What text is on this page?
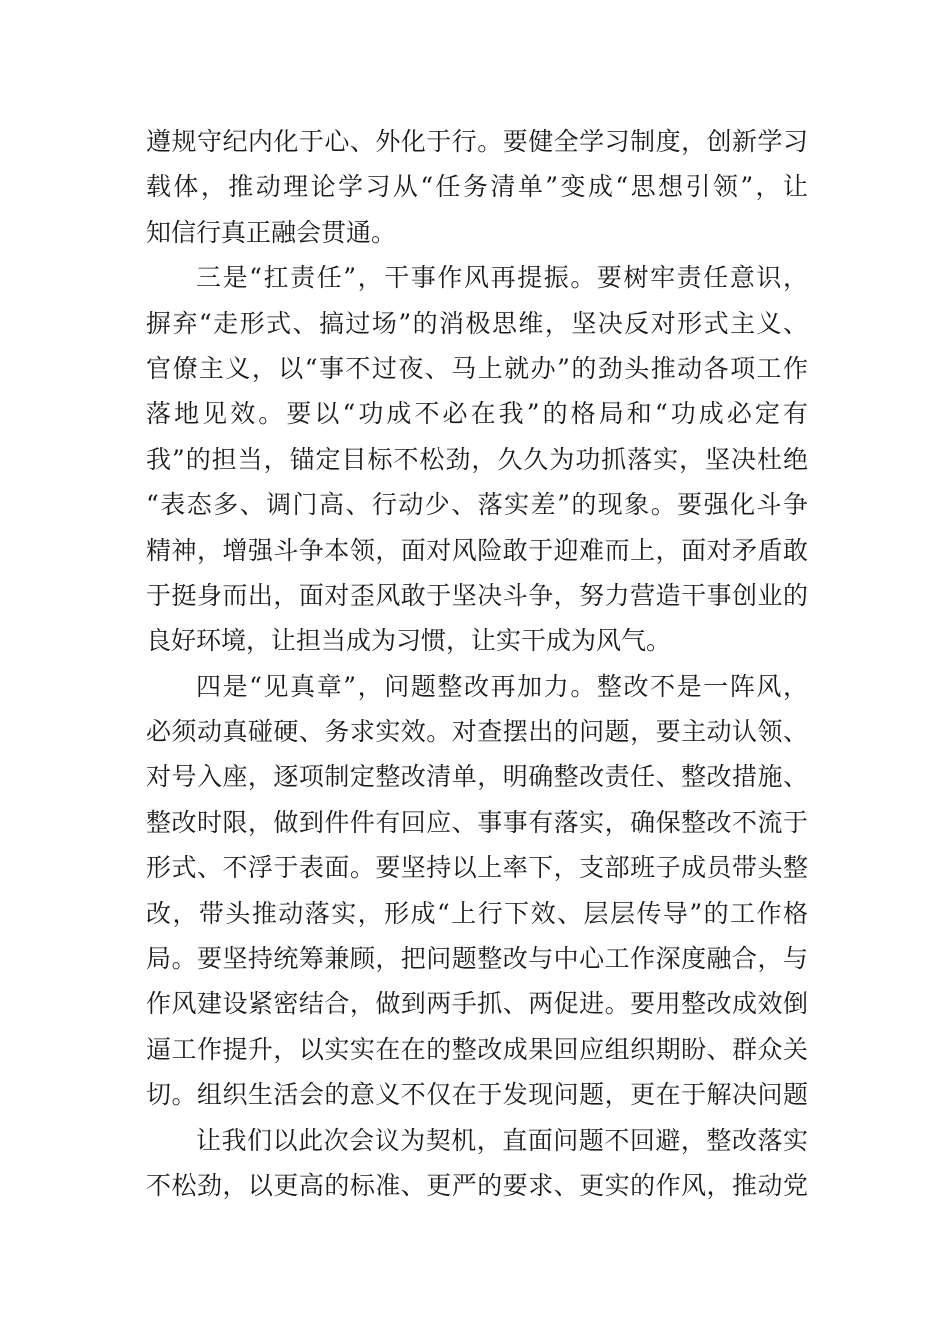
遵规守纪内化于心、外化于行。要健全学习制度，创新学习
载体，推动理论学习从“任务清单”变成“思想引领”，让
知信行真正融会贯通。
三是“扛责任”，干事作风再提振。要树牢责任意识，
摒弃“走形式、搞过场”的消极思维，坚决反对形式主义、
官僚主义，以“事不过夜、马上就办”的劲头推动各项工作
落地见效。要以“功成不必在我”的格局和“功成必定有
我”的担当，锚定目标不松劲，久久为功抓落实，坚决杜绝
“表态多、调门高、行动少、落实差”的现象。要强化斗争
精神，增强斗争本领，面对风险敢于迎难而上，面对矛盾敢
于挺身而出，面对歪风敢于坚决斗争，努力营造干事创业的
良好环境，让担当成为习惯，让实干成为风气。
四是“见真章”，问题整改再加力。整改不是一阵风，
必须动真碰硬、务求实效。对查摆出的问题，要主动认领、
对号入座，逐项制定整改清单，明确整改责任、整改措施、
整改时限，做到件件有回应、事事有落实，确保整改不流于
形式、不浮于表面。要坚持以上率下，支部班子成员带头整
改，带头推动落实，形成“上行下效、层层传导”的工作格
局。要坚持统筹兼顾，把问题整改与中心工作深度融合，与
作风建设紧密结合，做到两手抓、两促进。要用整改成效倒
逼工作提升，以实实在在的整改成果回应组织期盼、群众关
切。组织生活会的意义不仅在于发现问题，更在于解决问题
让我们以此次会议为契机，直面问题不回避，整改落实
不松劲，以更高的标准、更严的要求、更实的作风，推动党
